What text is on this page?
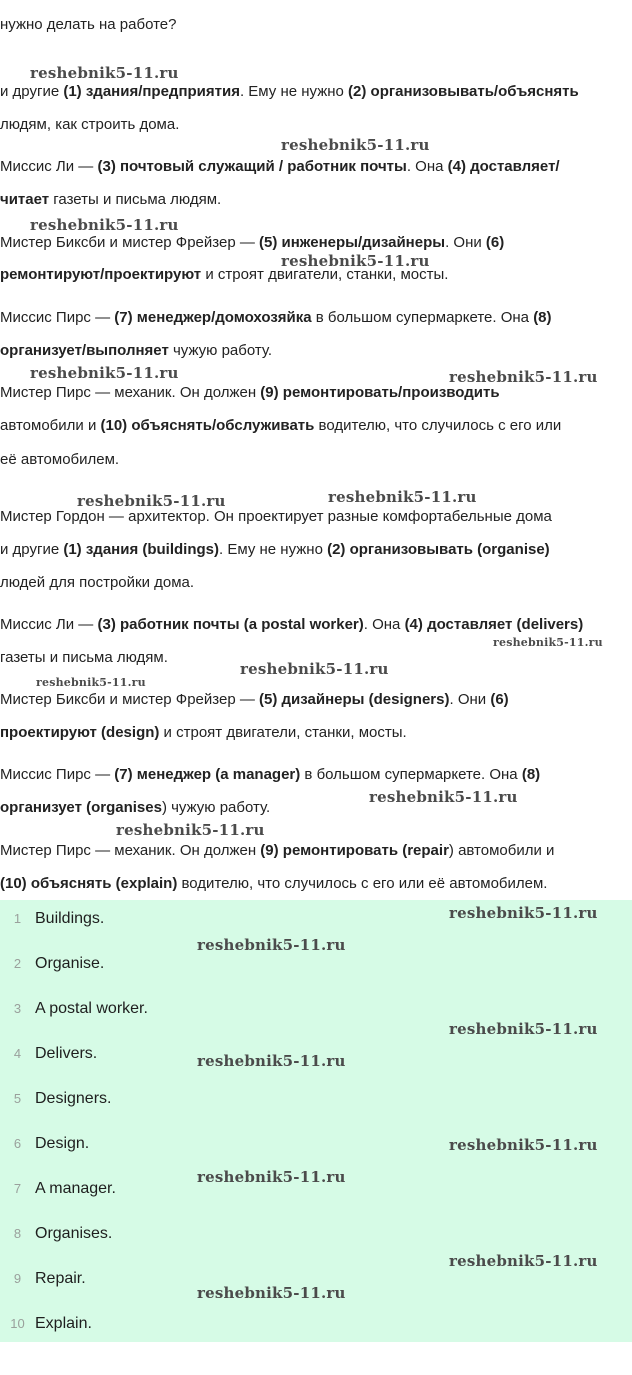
нужно делать на работе?
и другие (1) здания/предприятия. Ему не нужно (2) организовывать/объяснять
людям, как строить дома.
Миссис Ли — (3) почтовый служащий / работник почты. Она (4) доставляет/
читает газеты и письма людям.
Мистер Биксби и мистер Фрейзер — (5) инженеры/дизайнеры. Они (6)
ремонтируют/проектируют и строят двигатели, станки, мосты.
Миссис Пирс — (7) менеджер/домохозяйка в большом супермаркете. Она (8)
организует/выполняет чужую работу.
Мистер Пирс — механик. Он должен (9) ремонтировать/производить
автомобили и (10) объяснять/обслуживать водителю, что случилось с его или
её автомобилем.
Мистер Гордон — архитектор. Он проектирует разные комфортабельные дома
и другие (1) здания (buildings). Ему не нужно (2) организовывать (organise)
людей для постройки дома.
Миссис Ли — (3) работник почты (a postal worker). Она (4) доставляет (delivers)
газеты и письма людям.
Мистер Биксби и мистер Фрейзер — (5) дизайнеры (designers). Они (6)
проектируют (design) и строят двигатели, станки, мосты.
Миссис Пирс — (7) менеджер (a manager) в большом супермаркете. Она (8)
организует (organises) чужую работу.
Мистер Пирс — механик. Он должен (9) ремонтировать (repair) автомобили и
(10) объяснять (explain) водителю, что случилось с его или её автомобилем.
1 Buildings.
2 Organise.
3 A postal worker.
4 Delivers.
5 Designers.
6 Design.
7 A manager.
8 Organises.
9 Repair.
10 Explain.
reshebnik5-11.ru
reshebnik5-11.ru
reshebnik5-11.ru
reshebnik5-11.ru
reshebnik5-11.ru	reshebnik5-11.ru
reshebnik5-11.ru	reshebnik5-11.ru
reshebnik5-11.ru
reshebnik5-11.ru
reshebnik5-11.ru
reshebnik5-11.ru
reshebnik5-11.ru
reshebnik5-11.ru
reshebnik5-11.ru
reshebnik5-11.ru
reshebnik5-11.ru
reshebnik5-11.ru
reshebnik5-11.ru
reshebnik5-11.ru
reshebnik5-11.ru
